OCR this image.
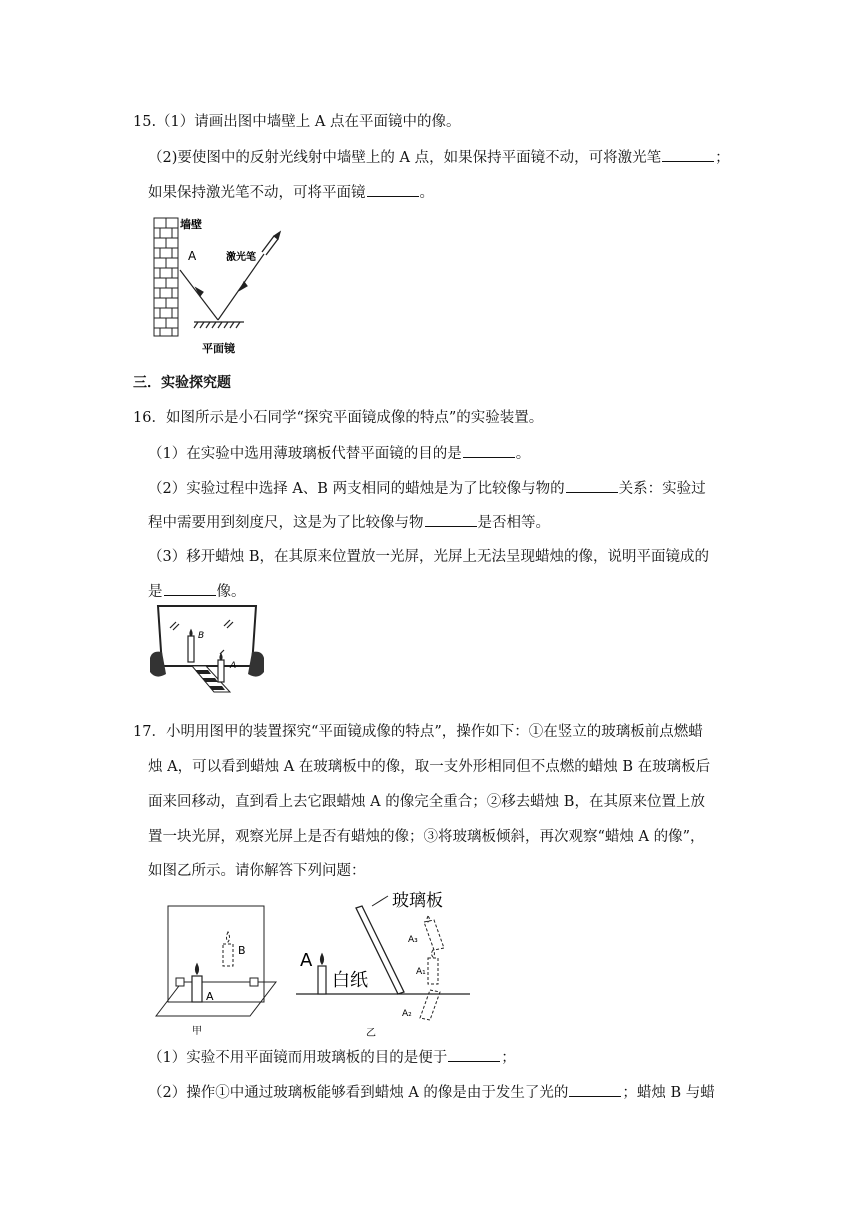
15.（1）请画出图中墙壁上 A 点在平面镜中的像。
（2)要使图中的反射光线射中墙壁上的 A 点，如果保持平面镜不动，可将激光笔	；
如果保持激光笔不动，可将平面镜	。
墙壁
A	激光笔
平面镜
三．实验探究题
16．如图所示是小石同学“探究平面镜成像的特点”的实验装置。
（1）在实验中选用薄玻璃板代替平面镜的目的是	。
（2）实验过程中选择 A、B 两支相同的蜡烛是为了比较像与物的	关系：实验过
程中需要用到刻度尺，这是为了比较像与物	是否相等。
（3）移开蜡烛 B，在其原来位置放一光屏，光屏上无法呈现蜡烛的像，说明平面镜成的
是	像。
B
A
17．小明用图甲的装置探究“平面镜成像的特点”，操作如下：①在竖立的玻璃板前点燃蜡
烛 A，可以看到蜡烛 A 在玻璃板中的像，取一支外形相同但不点燃的蜡烛 B 在玻璃板后
面来回移动，直到看上去它跟蜡烛 A 的像完全重合；②移去蜡烛 B，在其原来位置上放
置一块光屏，观察光屏上是否有蜡烛的像；③将玻璃板倾斜，再次观察“蜡烛 A 的像”，
如图乙所示。请你解答下列问题：
B
A
甲
玻璃板
A
白纸
A₃
A₁
A₂
乙
（1）实验不用平面镜而用玻璃板的目的是便于	；
（2）操作①中通过玻璃板能够看到蜡烛 A 的像是由于发生了光的	；蜡烛 B 与蜡
